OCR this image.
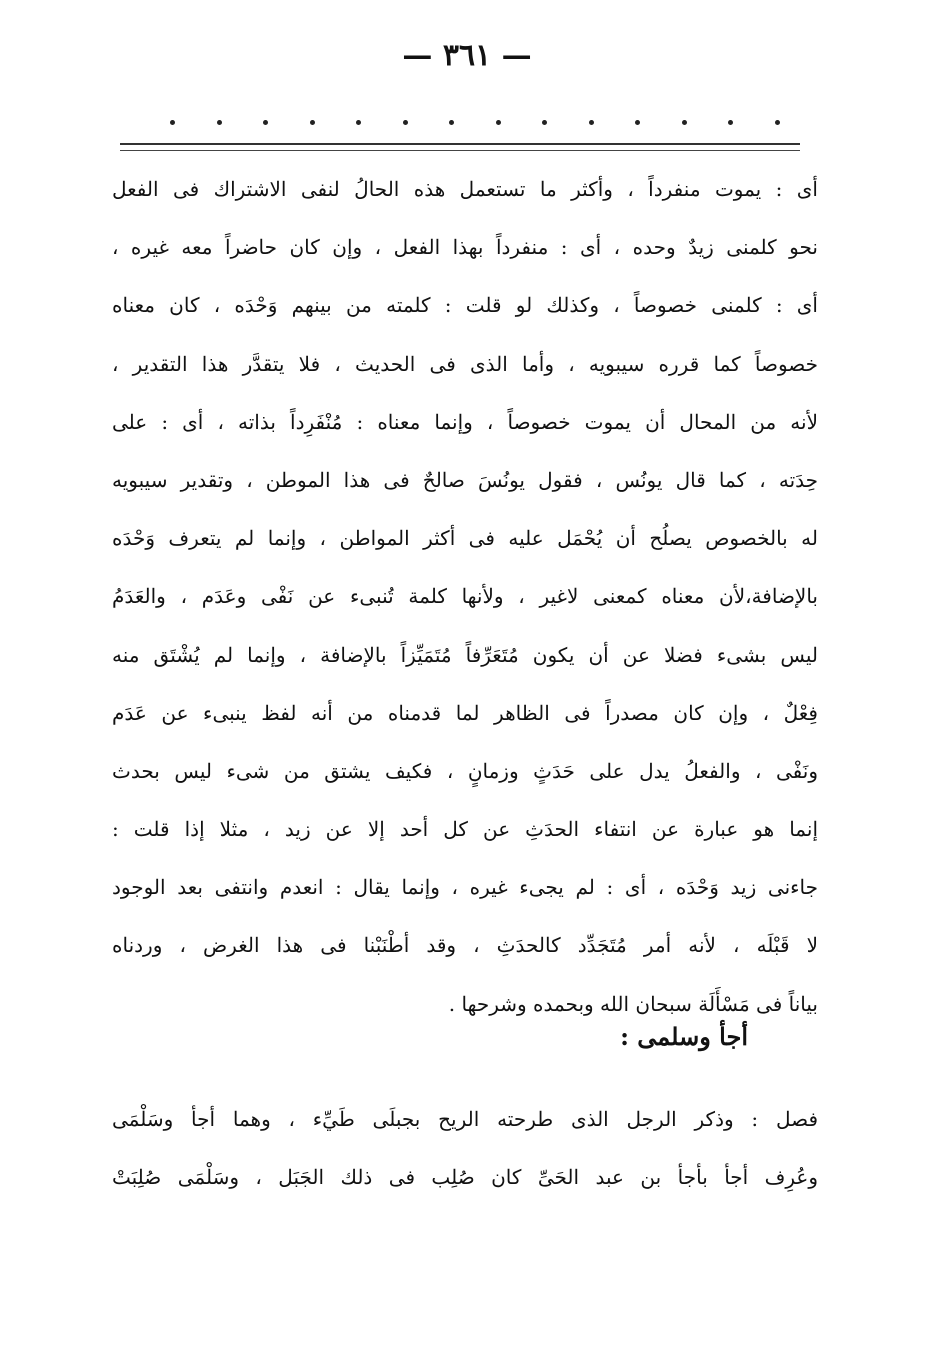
— ٣٦١ —
أى : يموت منفرداً ، وأكثر ما تستعمل هذه الحالُ لنفى الاشتراك فى الفعل
نحو كلمنى زيدٌ وحده ، أى : منفرداً بهذا الفعل ، وإن كان حاضراً معه غيره ،
أى : كلمنى خصوصاً ، وكذلك لو قلت : كلمته من بينهم وَحْدَه ، كان معناه
خصوصاً كما قرره سيبويه ، وأما الذى فى الحديث ، فلا يتقدَّر هذا التقدير ،
لأنه من المحال أن يموت خصوصاً ، وإنما معناه : مُنْفَرِداً بذاته ، أى : على
حِدَته ، كما قال يونُس ، فقول يونُسَ صالحٌ فى هذا الموطن ، وتقدير سيبويه
له بالخصوص يصلُح أن يُحْمَل عليه فى أكثر المواطن ، وإنما لم يتعرف وَحْدَه
بالإضافة،لأن معناه كمعنى لاغير ، ولأنها كلمة تُنبىء عن نَفْى وعَدَم ، والعَدَمُ
ليس بشىء فضلا عن أن يكون مُتَعَرِّفاً مُتَمَيِّزاً بالإضافة ، وإنما لم يُشْتَق منه
فِعْلٌ ، وإن كان مصدراً فى الظاهر لما قدمناه من أنه لفظ ينبىء عن عَدَم
ونَفْى ، والفعلُ يدل على حَدَثٍ وزمانٍ ، فكيف يشتق من شىء ليس بحدث
إنما هو عبارة عن انتفاء الحدَثِ عن كل أحد إلا عن زيد ، مثلا إذا قلت :
جاءنى زيد وَحْدَه ، أى : لم يجىء غيره ، وإنما يقال : انعدم وانتفى بعد الوجود
لا قَبْلَه ، لأنه أمر مُتَجَدِّد كالحدَثِ ، وقد أطْنَبْنا فى هذا الغرض ، وردناه
بياناً فى مَسْأَلَة سبحان الله وبحمده وشرحها .
أجأ وسلمى :
فصل : وذكر الرجل الذى طرحته الريح بجبلَى طَيِّء ، وهما أجأ وسَلْمَى
وعُرِف أجأ بأجأ بن عبد الحَىِّ كان صُلِب فى ذلك الجَبَل ، وسَلْمَى صُلِبَتْ
